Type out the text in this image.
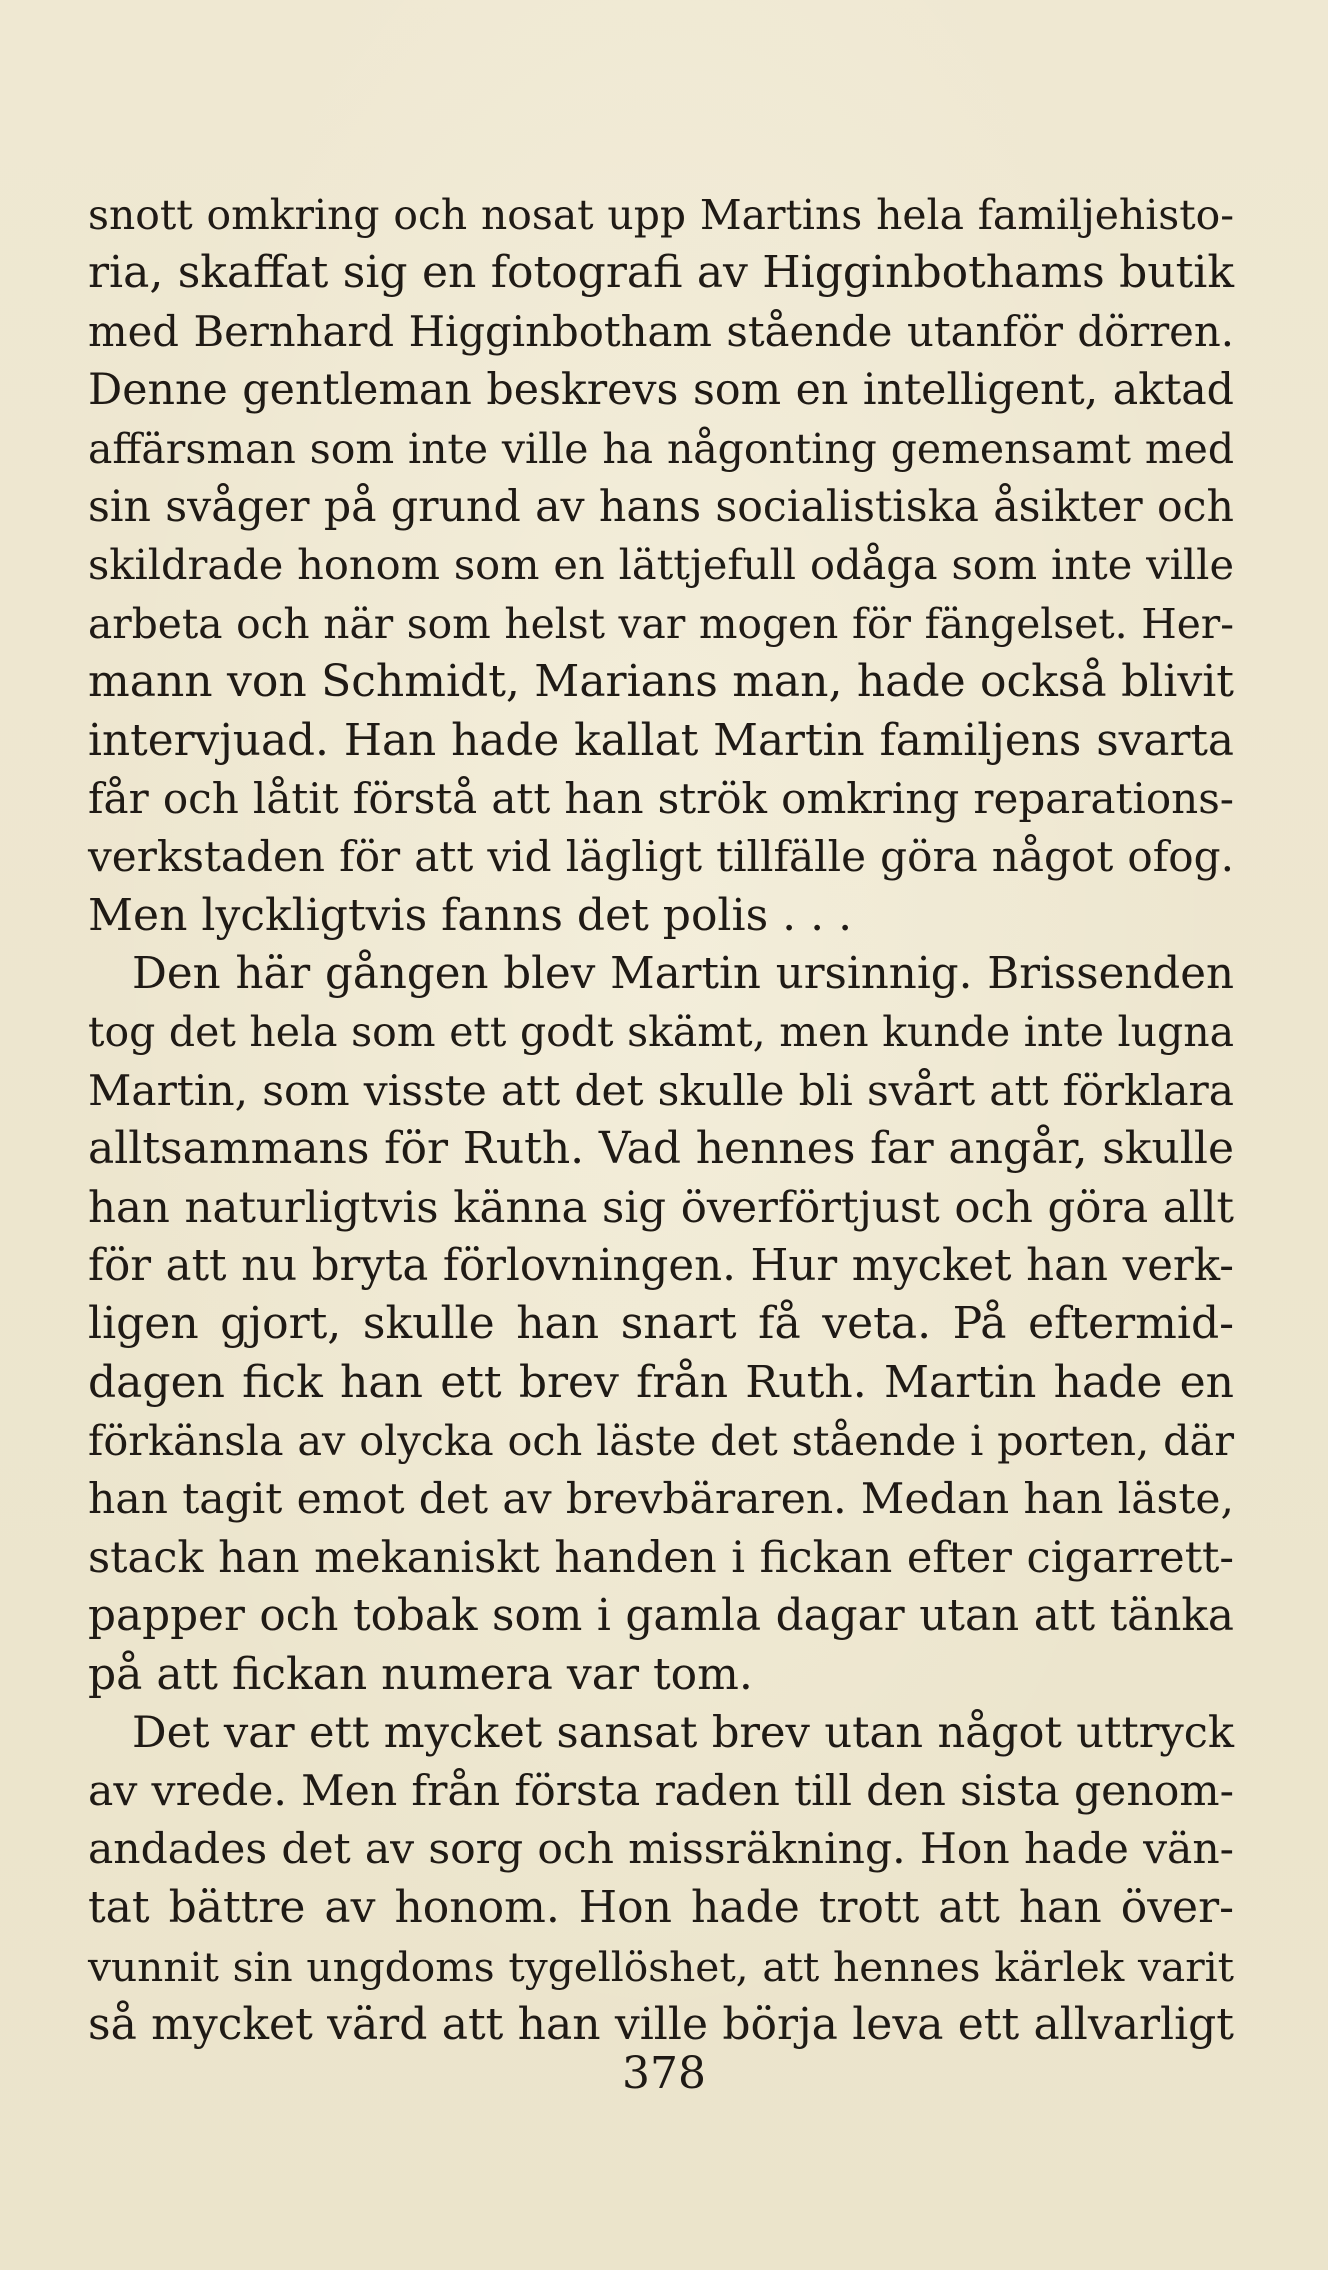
snott omkring och nosat upp Martins hela familjehisto-
ria, skaffat sig en fotografi av Higginbothams butik
med Bernhard Higginbotham stående utanför dörren.
Denne gentleman beskrevs som en intelligent, aktad
affärsman som inte ville ha någonting gemensamt med
sin svåger på grund av hans socialistiska åsikter och
skildrade honom som en lättjefull odåga som inte ville
arbeta och när som helst var mogen för fängelset. Her-
mann von Schmidt, Marians man, hade också blivit
intervjuad. Han hade kallat Martin familjens svarta
får och låtit förstå att han strök omkring reparations-
verkstaden för att vid lägligt tillfälle göra något ofog.
Men lyckligtvis fanns det polis . . .
Den här gången blev Martin ursinnig. Brissenden
tog det hela som ett godt skämt, men kunde inte lugna
Martin, som visste att det skulle bli svårt att förklara
alltsammans för Ruth. Vad hennes far angår, skulle
han naturligtvis känna sig överförtjust och göra allt
för att nu bryta förlovningen. Hur mycket han verk-
ligen gjort, skulle han snart få veta. På eftermid-
dagen fick han ett brev från Ruth. Martin hade en
förkänsla av olycka och läste det stående i porten, där
han tagit emot det av brevbäraren. Medan han läste,
stack han mekaniskt handen i fickan efter cigarrett-
papper och tobak som i gamla dagar utan att tänka
på att fickan numera var tom.
Det var ett mycket sansat brev utan något uttryck
av vrede. Men från första raden till den sista genom-
andades det av sorg och missräkning. Hon hade vän-
tat bättre av honom. Hon hade trott att han över-
vunnit sin ungdoms tygellöshet, att hennes kärlek varit
så mycket värd att han ville börja leva ett allvarligt
378
